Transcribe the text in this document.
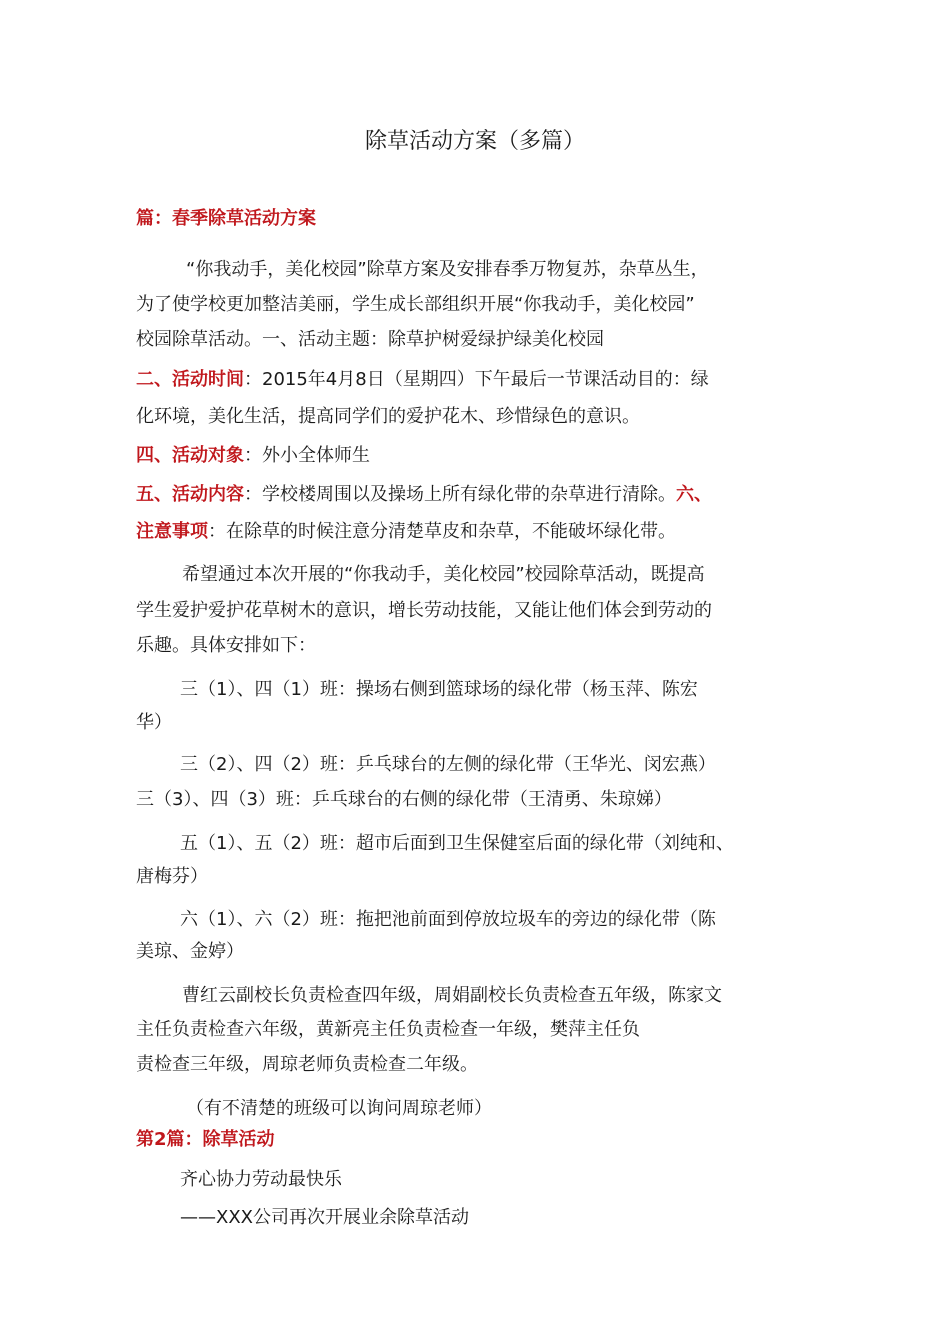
除草活动方案（多篇）
篇：春季除草活动方案
“你我动手，美化校园”除草方案及安排春季万物复苏，杂草丛生，
为了使学校更加整洁美丽，学生成长部组织开展“你我动手，美化校园”
校园除草活动。一、活动主题：除草护树爱绿护绿美化校园
二、活动时间：2015年4月8日（星期四）下午最后一节课活动目的：绿
化环境，美化生活，提高同学们的爱护花木、珍惜绿色的意识。
四、活动对象：外小全体师生
五、活动内容：学校楼周围以及操场上所有绿化带的杂草进行清除。六、
注意事项：在除草的时候注意分清楚草皮和杂草，不能破坏绿化带。
希望通过本次开展的“你我动手，美化校园”校园除草活动，既提高
学生爱护爱护花草树木的意识，增长劳动技能，又能让他们体会到劳动的
乐趣。具体安排如下：
三（1）、四（1）班：操场右侧到篮球场的绿化带（杨玉萍、陈宏
华）
三（2）、四（2）班：乒乓球台的左侧的绿化带（王华光、闵宏燕）
三（3）、四（3）班：乒乓球台的右侧的绿化带（王清勇、朱琼娣）
五（1）、五（2）班：超市后面到卫生保健室后面的绿化带（刘纯和、
唐梅芬）
六（1）、六（2）班：拖把池前面到停放垃圾车的旁边的绿化带（陈
美琼、金婷）
曹红云副校长负责检查四年级，周娟副校长负责检查五年级，陈家文
主任负责检查六年级，黄新亮主任负责检查一年级，樊萍主任负
责检查三年级，周琼老师负责检查二年级。
（有不清楚的班级可以询问周琼老师）
第2篇：除草活动
齐心协力劳动最快乐
——XXX公司再次开展业余除草活动
